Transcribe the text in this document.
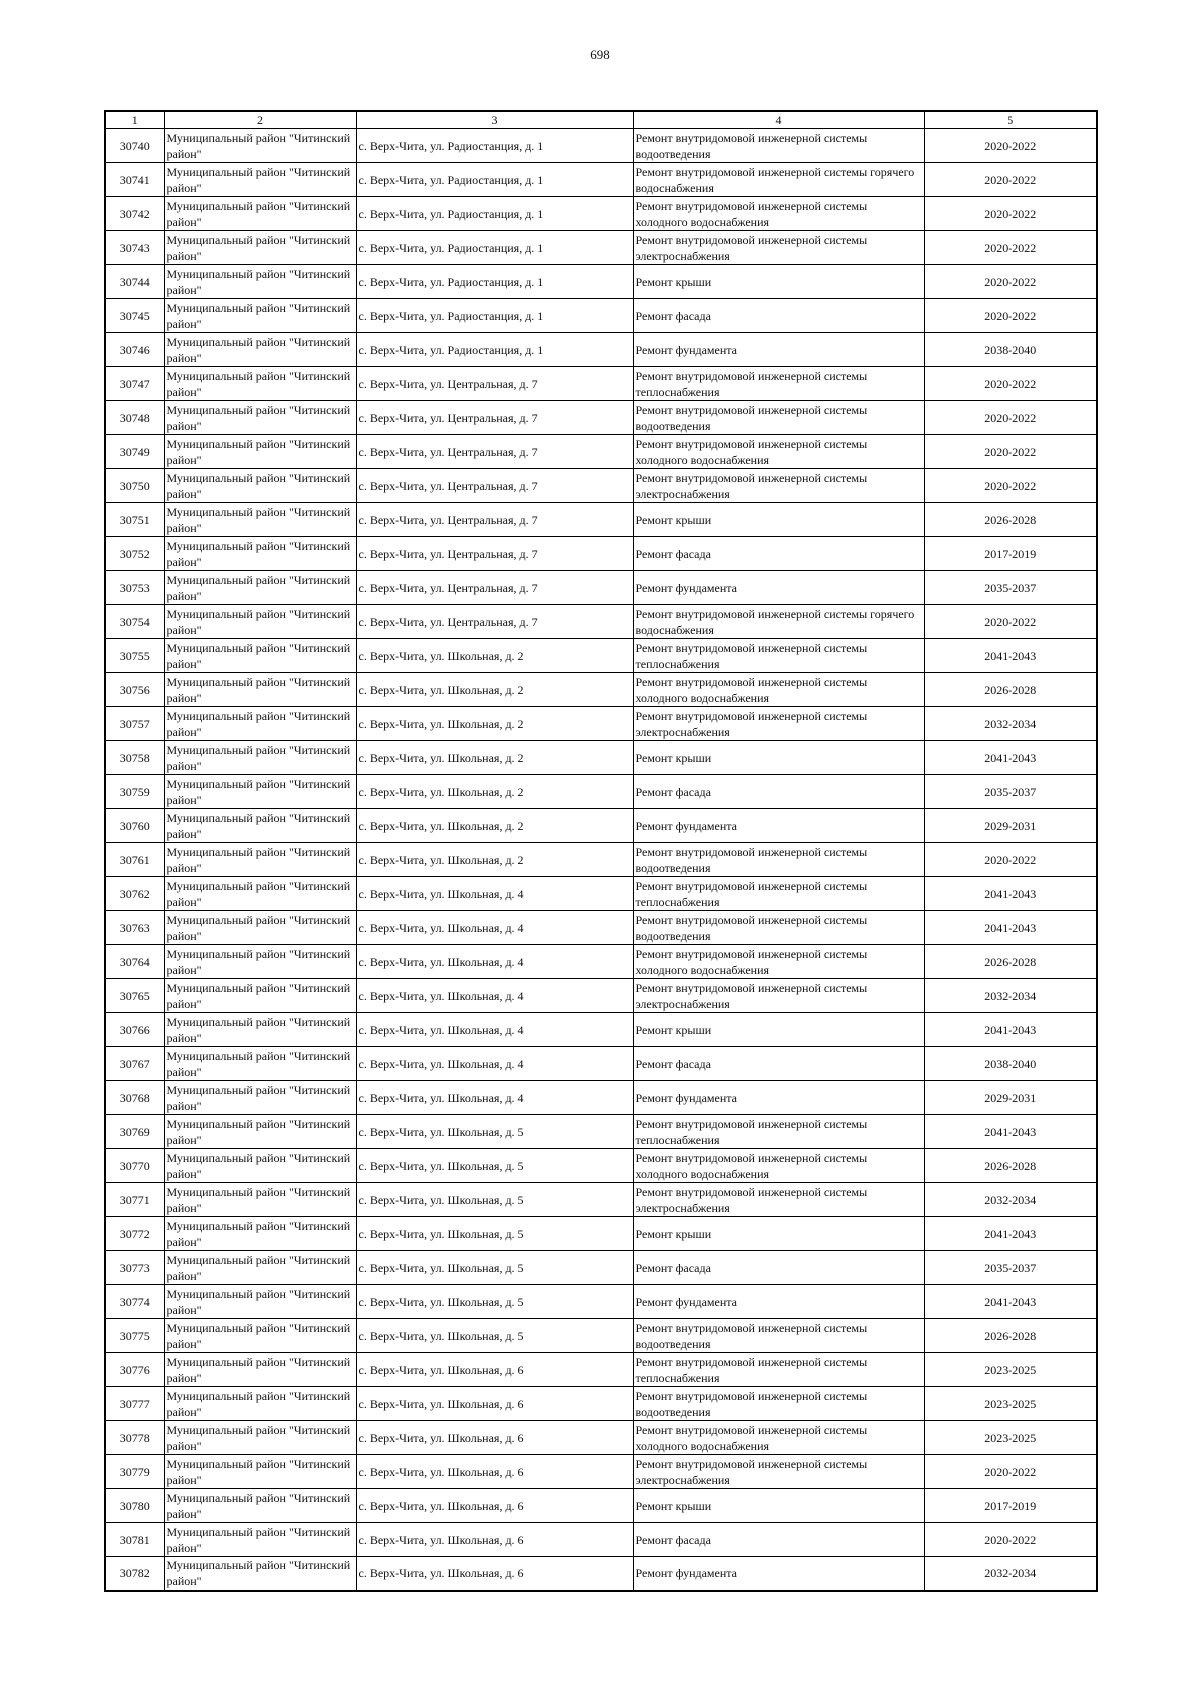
698
1	2	3	4	5
30740	Муниципальный район "Читинский район"	с. Верх-Чита, ул. Радиостанция, д. 1	Ремонт внутридомовой инженерной системы водоотведения	2020-2022
30741	Муниципальный район "Читинский район"	с. Верх-Чита, ул. Радиостанция, д. 1	Ремонт внутридомовой инженерной системы горячего водоснабжения	2020-2022
30742	Муниципальный район "Читинский район"	с. Верх-Чита, ул. Радиостанция, д. 1	Ремонт внутридомовой инженерной системы холодного водоснабжения	2020-2022
30743	Муниципальный район "Читинский район"	с. Верх-Чита, ул. Радиостанция, д. 1	Ремонт внутридомовой инженерной системы электроснабжения	2020-2022
30744	Муниципальный район "Читинский район"	с. Верх-Чита, ул. Радиостанция, д. 1	Ремонт крыши	2020-2022
30745	Муниципальный район "Читинский район"	с. Верх-Чита, ул. Радиостанция, д. 1	Ремонт фасада	2020-2022
30746	Муниципальный район "Читинский район"	с. Верх-Чита, ул. Радиостанция, д. 1	Ремонт фундамента	2038-2040
30747	Муниципальный район "Читинский район"	с. Верх-Чита, ул. Центральная, д. 7	Ремонт внутридомовой инженерной системы теплоснабжения	2020-2022
30748	Муниципальный район "Читинский район"	с. Верх-Чита, ул. Центральная, д. 7	Ремонт внутридомовой инженерной системы водоотведения	2020-2022
30749	Муниципальный район "Читинский район"	с. Верх-Чита, ул. Центральная, д. 7	Ремонт внутридомовой инженерной системы холодного водоснабжения	2020-2022
30750	Муниципальный район "Читинский район"	с. Верх-Чита, ул. Центральная, д. 7	Ремонт внутридомовой инженерной системы электроснабжения	2020-2022
30751	Муниципальный район "Читинский район"	с. Верх-Чита, ул. Центральная, д. 7	Ремонт крыши	2026-2028
30752	Муниципальный район "Читинский район"	с. Верх-Чита, ул. Центральная, д. 7	Ремонт фасада	2017-2019
30753	Муниципальный район "Читинский район"	с. Верх-Чита, ул. Центральная, д. 7	Ремонт фундамента	2035-2037
30754	Муниципальный район "Читинский район"	с. Верх-Чита, ул. Центральная, д. 7	Ремонт внутридомовой инженерной системы горячего водоснабжения	2020-2022
30755	Муниципальный район "Читинский район"	с. Верх-Чита, ул. Школьная, д. 2	Ремонт внутридомовой инженерной системы теплоснабжения	2041-2043
30756	Муниципальный район "Читинский район"	с. Верх-Чита, ул. Школьная, д. 2	Ремонт внутридомовой инженерной системы холодного водоснабжения	2026-2028
30757	Муниципальный район "Читинский район"	с. Верх-Чита, ул. Школьная, д. 2	Ремонт внутридомовой инженерной системы электроснабжения	2032-2034
30758	Муниципальный район "Читинский район"	с. Верх-Чита, ул. Школьная, д. 2	Ремонт крыши	2041-2043
30759	Муниципальный район "Читинский район"	с. Верх-Чита, ул. Школьная, д. 2	Ремонт фасада	2035-2037
30760	Муниципальный район "Читинский район"	с. Верх-Чита, ул. Школьная, д. 2	Ремонт фундамента	2029-2031
30761	Муниципальный район "Читинский район"	с. Верх-Чита, ул. Школьная, д. 2	Ремонт внутридомовой инженерной системы водоотведения	2020-2022
30762	Муниципальный район "Читинский район"	с. Верх-Чита, ул. Школьная, д. 4	Ремонт внутридомовой инженерной системы теплоснабжения	2041-2043
30763	Муниципальный район "Читинский район"	с. Верх-Чита, ул. Школьная, д. 4	Ремонт внутридомовой инженерной системы водоотведения	2041-2043
30764	Муниципальный район "Читинский район"	с. Верх-Чита, ул. Школьная, д. 4	Ремонт внутридомовой инженерной системы холодного водоснабжения	2026-2028
30765	Муниципальный район "Читинский район"	с. Верх-Чита, ул. Школьная, д. 4	Ремонт внутридомовой инженерной системы электроснабжения	2032-2034
30766	Муниципальный район "Читинский район"	с. Верх-Чита, ул. Школьная, д. 4	Ремонт крыши	2041-2043
30767	Муниципальный район "Читинский район"	с. Верх-Чита, ул. Школьная, д. 4	Ремонт фасада	2038-2040
30768	Муниципальный район "Читинский район"	с. Верх-Чита, ул. Школьная, д. 4	Ремонт фундамента	2029-2031
30769	Муниципальный район "Читинский район"	с. Верх-Чита, ул. Школьная, д. 5	Ремонт внутридомовой инженерной системы теплоснабжения	2041-2043
30770	Муниципальный район "Читинский район"	с. Верх-Чита, ул. Школьная, д. 5	Ремонт внутридомовой инженерной системы холодного водоснабжения	2026-2028
30771	Муниципальный район "Читинский район"	с. Верх-Чита, ул. Школьная, д. 5	Ремонт внутридомовой инженерной системы электроснабжения	2032-2034
30772	Муниципальный район "Читинский район"	с. Верх-Чита, ул. Школьная, д. 5	Ремонт крыши	2041-2043
30773	Муниципальный район "Читинский район"	с. Верх-Чита, ул. Школьная, д. 5	Ремонт фасада	2035-2037
30774	Муниципальный район "Читинский район"	с. Верх-Чита, ул. Школьная, д. 5	Ремонт фундамента	2041-2043
30775	Муниципальный район "Читинский район"	с. Верх-Чита, ул. Школьная, д. 5	Ремонт внутридомовой инженерной системы водоотведения	2026-2028
30776	Муниципальный район "Читинский район"	с. Верх-Чита, ул. Школьная, д. 6	Ремонт внутридомовой инженерной системы теплоснабжения	2023-2025
30777	Муниципальный район "Читинский район"	с. Верх-Чита, ул. Школьная, д. 6	Ремонт внутридомовой инженерной системы водоотведения	2023-2025
30778	Муниципальный район "Читинский район"	с. Верх-Чита, ул. Школьная, д. 6	Ремонт внутридомовой инженерной системы холодного водоснабжения	2023-2025
30779	Муниципальный район "Читинский район"	с. Верх-Чита, ул. Школьная, д. 6	Ремонт внутридомовой инженерной системы электроснабжения	2020-2022
30780	Муниципальный район "Читинский район"	с. Верх-Чита, ул. Школьная, д. 6	Ремонт крыши	2017-2019
30781	Муниципальный район "Читинский район"	с. Верх-Чита, ул. Школьная, д. 6	Ремонт фасада	2020-2022
30782	Муниципальный район "Читинский район"	с. Верх-Чита, ул. Школьная, д. 6	Ремонт фундамента	2032-2034
